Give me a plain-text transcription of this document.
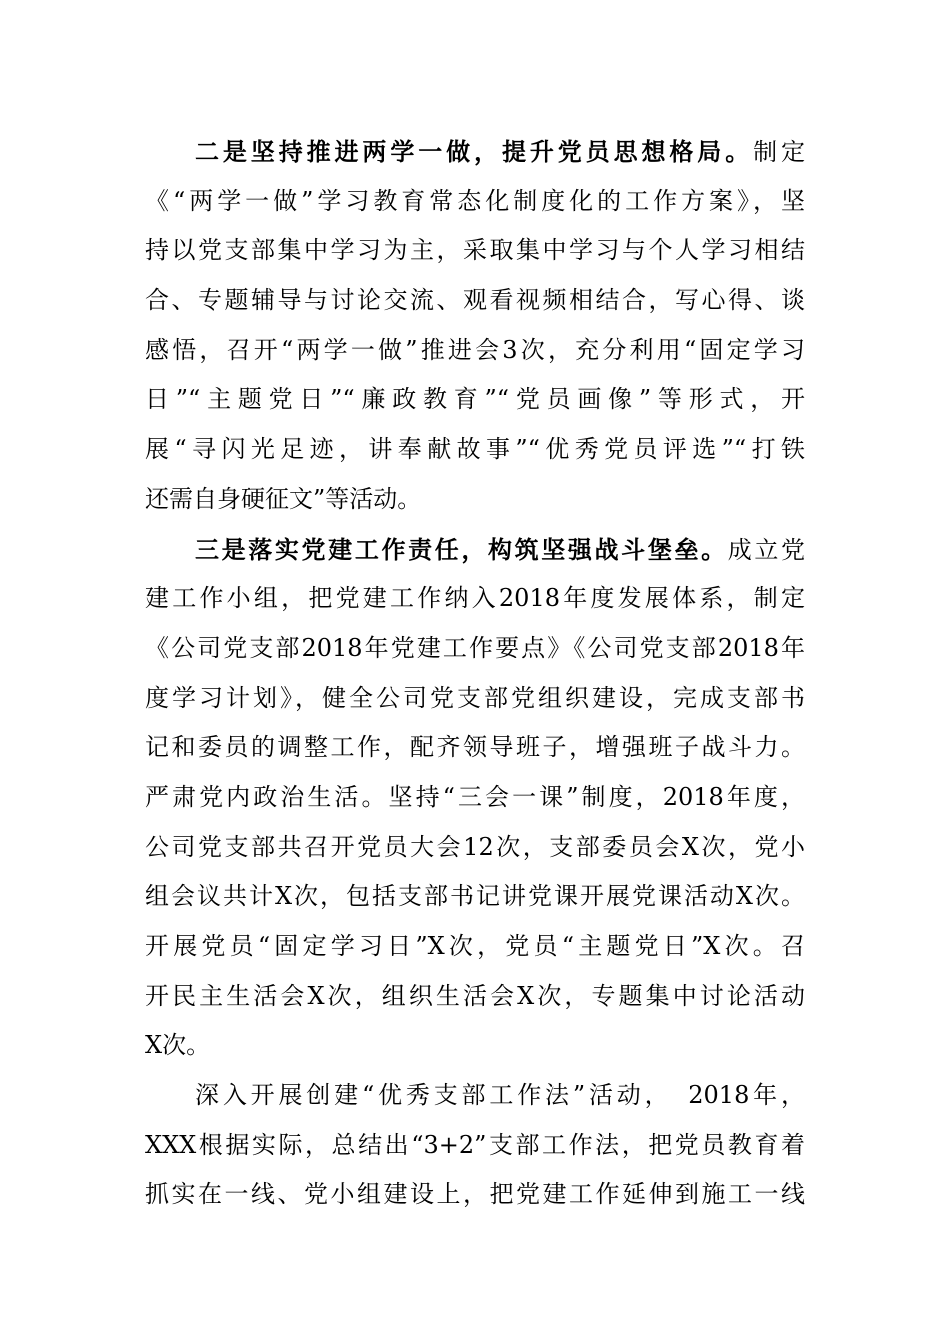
二是坚持推进两学一做，提升党员思想格局。制定
《“两学一做”学习教育常态化制度化的工作方案》，坚
持以党支部集中学习为主，采取集中学习与个人学习相结
合、专题辅导与讨论交流、观看视频相结合，写心得、谈
感悟，召开“两学一做”推进会3次，充分利用“固定学习
日”“主题党日”“廉政教育”“党员画像”等形式，开
展“寻闪光足迹，讲奉献故事”“优秀党员评选”“打铁
还需自身硬征文”等活动。
三是落实党建工作责任，构筑坚强战斗堡垒。成立党
建工作小组，把党建工作纳入2018年度发展体系，制定
《公司党支部2018年党建工作要点》《公司党支部2018年
度学习计划》，健全公司党支部党组织建设，完成支部书
记和委员的调整工作，配齐领导班子，增强班子战斗力。
严肃党内政治生活。坚持“三会一课”制度，2018年度，
公司党支部共召开党员大会12次，支部委员会X次，党小
组会议共计X次，包括支部书记讲党课开展党课活动X次。
开展党员“固定学习日”X次，党员“主题党日”X次。召
开民主生活会X次，组织生活会X次，专题集中讨论活动
X次。
深入开展创建“优秀支部工作法”活动，　2018年，
XXX根据实际，总结出“3+2”支部工作法，把党员教育着
抓实在一线、党小组建设上，把党建工作延伸到施工一线
